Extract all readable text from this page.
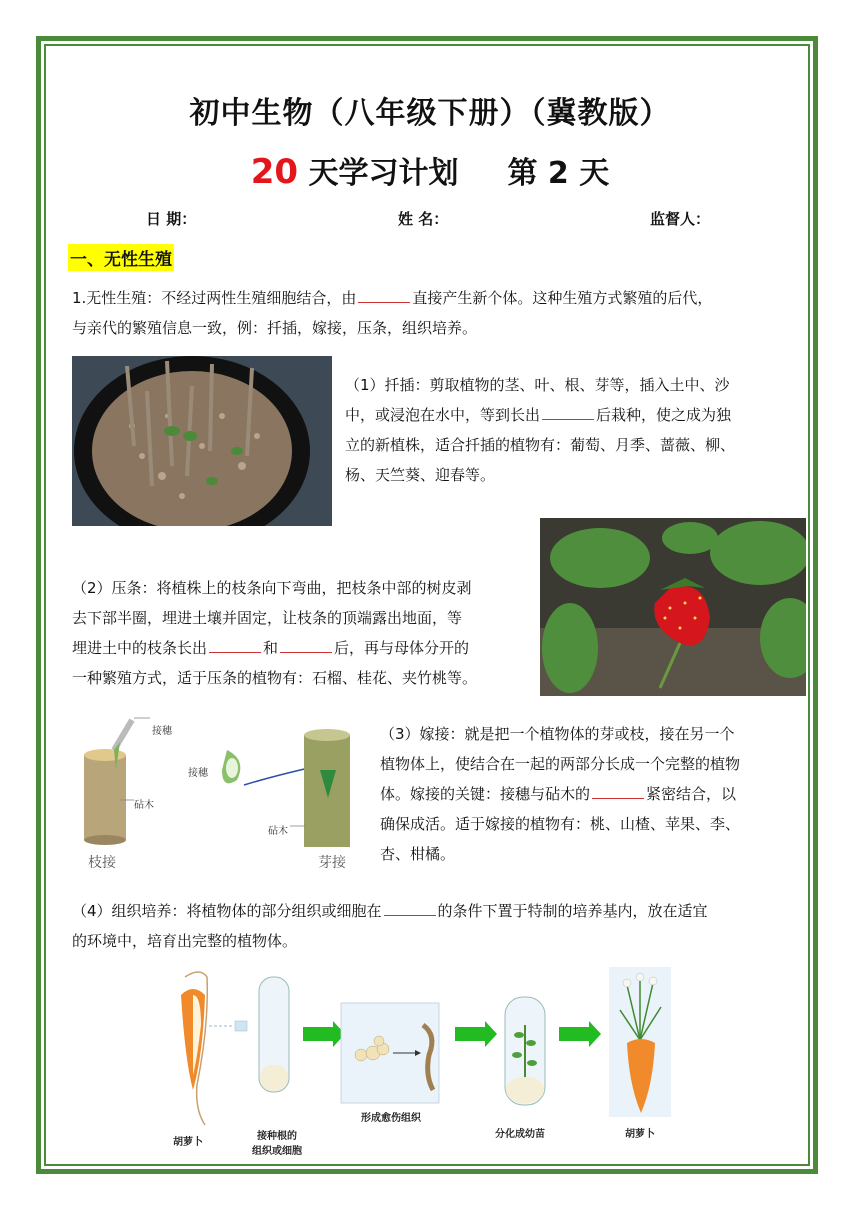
初中生物（八年级下册）（冀教版）
20 天学习计划 第 2 天
日 期：	姓 名：	监督人：
一、无性生殖
1.无性生殖：不经过两性生殖细胞结合，由	直接产生新个体。这种生殖方式繁殖的后代，
与亲代的繁殖信息一致，例：扦插，嫁接，压条，组织培养。
（1）扦插：剪取植物的茎、叶、根、芽等，插入土中、沙
中，或浸泡在水中，等到长出	后栽种，使之成为独
立的新植株，适合扦插的植物有：葡萄、月季、蔷薇、柳、
杨、天竺葵、迎春等。
（2）压条：将植株上的枝条向下弯曲，把枝条中部的树皮剥
去下部半圈，埋进土壤并固定，让枝条的顶端露出地面，等
埋进土中的枝条长出	和	后，再与母体分开的
一种繁殖方式，适于压条的植物有：石榴、桂花、夹竹桃等。
接穗
砧木
接穗
砧木
枝接	芽接
（3）嫁接：就是把一个植物体的芽或枝，接在另一个
植物体上，使结合在一起的两部分长成一个完整的植物
体。嫁接的关键：接穗与砧木的	紧密结合，以
确保成活。适于嫁接的植物有：桃、山楂、苹果、李、
杏、柑橘。
（4）组织培养：将植物体的部分组织或细胞在	的条件下置于特制的培养基内，放在适宜
的环境中，培育出完整的植物体。
胡萝卜
接种根的
组织或细胞
形成愈伤组织
分化成幼苗	胡萝卜
